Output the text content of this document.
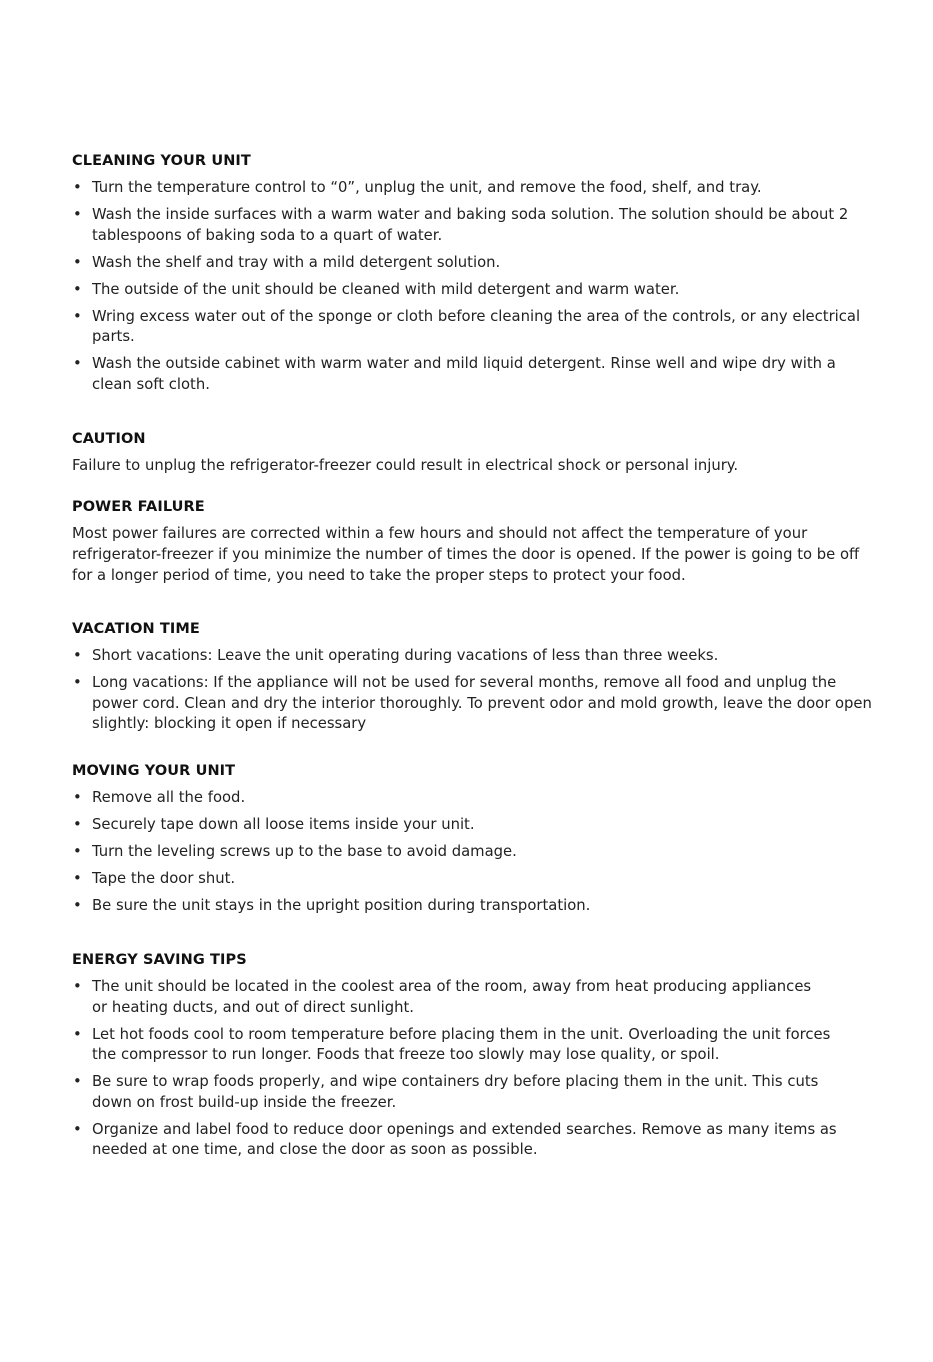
CLEANING YOUR UNIT
• Turn the temperature control to “0”, unplug the unit, and remove the food, shelf, and tray.
• Wash the inside surfaces with a warm water and baking soda solution. The solution should be about 2 tablespoons of baking soda to a quart of water.
• Wash the shelf and tray with a mild detergent solution.
• The outside of the unit should be cleaned with mild detergent and warm water.
• Wring excess water out of the sponge or cloth before cleaning the area of the controls, or any electrical parts.
• Wash the outside cabinet with warm water and mild liquid detergent. Rinse well and wipe dry with a clean soft cloth.
CAUTION

Failure to unplug the refrigerator-freezer could result in electrical shock or personal injury.

POWER FAILURE

Most power failures are corrected within a few hours and should not affect the temperature of your refrigerator-freezer if you minimize the number of times the door is opened. If the power is going to be off for a longer period of time, you need to take the proper steps to protect your food.

VACATION TIME
• Short vacations: Leave the unit operating during vacations of less than three weeks.
• Long vacations: If the appliance will not be used for several months, remove all food and unplug the power cord. Clean and dry the interior thoroughly. To prevent odor and mold growth, leave the door open slightly: blocking it open if necessary
MOVING YOUR UNIT
• Remove all the food.
• Securely tape down all loose items inside your unit.
• Turn the leveling screws up to the base to avoid damage.
• Tape the door shut.
• Be sure the unit stays in the upright position during transportation.
ENERGY SAVING TIPS
• The unit should be located in the coolest area of the room, away from heat producing appliances or heating ducts, and out of direct sunlight.
• Let hot foods cool to room temperature before placing them in the unit. Overloading the unit forces the compressor to run longer. Foods that freeze too slowly may lose quality, or spoil.
• Be sure to wrap foods properly, and wipe containers dry before placing them in the unit. This cuts down on frost build-up inside the freezer.
• Organize and label food to reduce door openings and extended searches. Remove as many items as needed at one time, and close the door as soon as possible.
